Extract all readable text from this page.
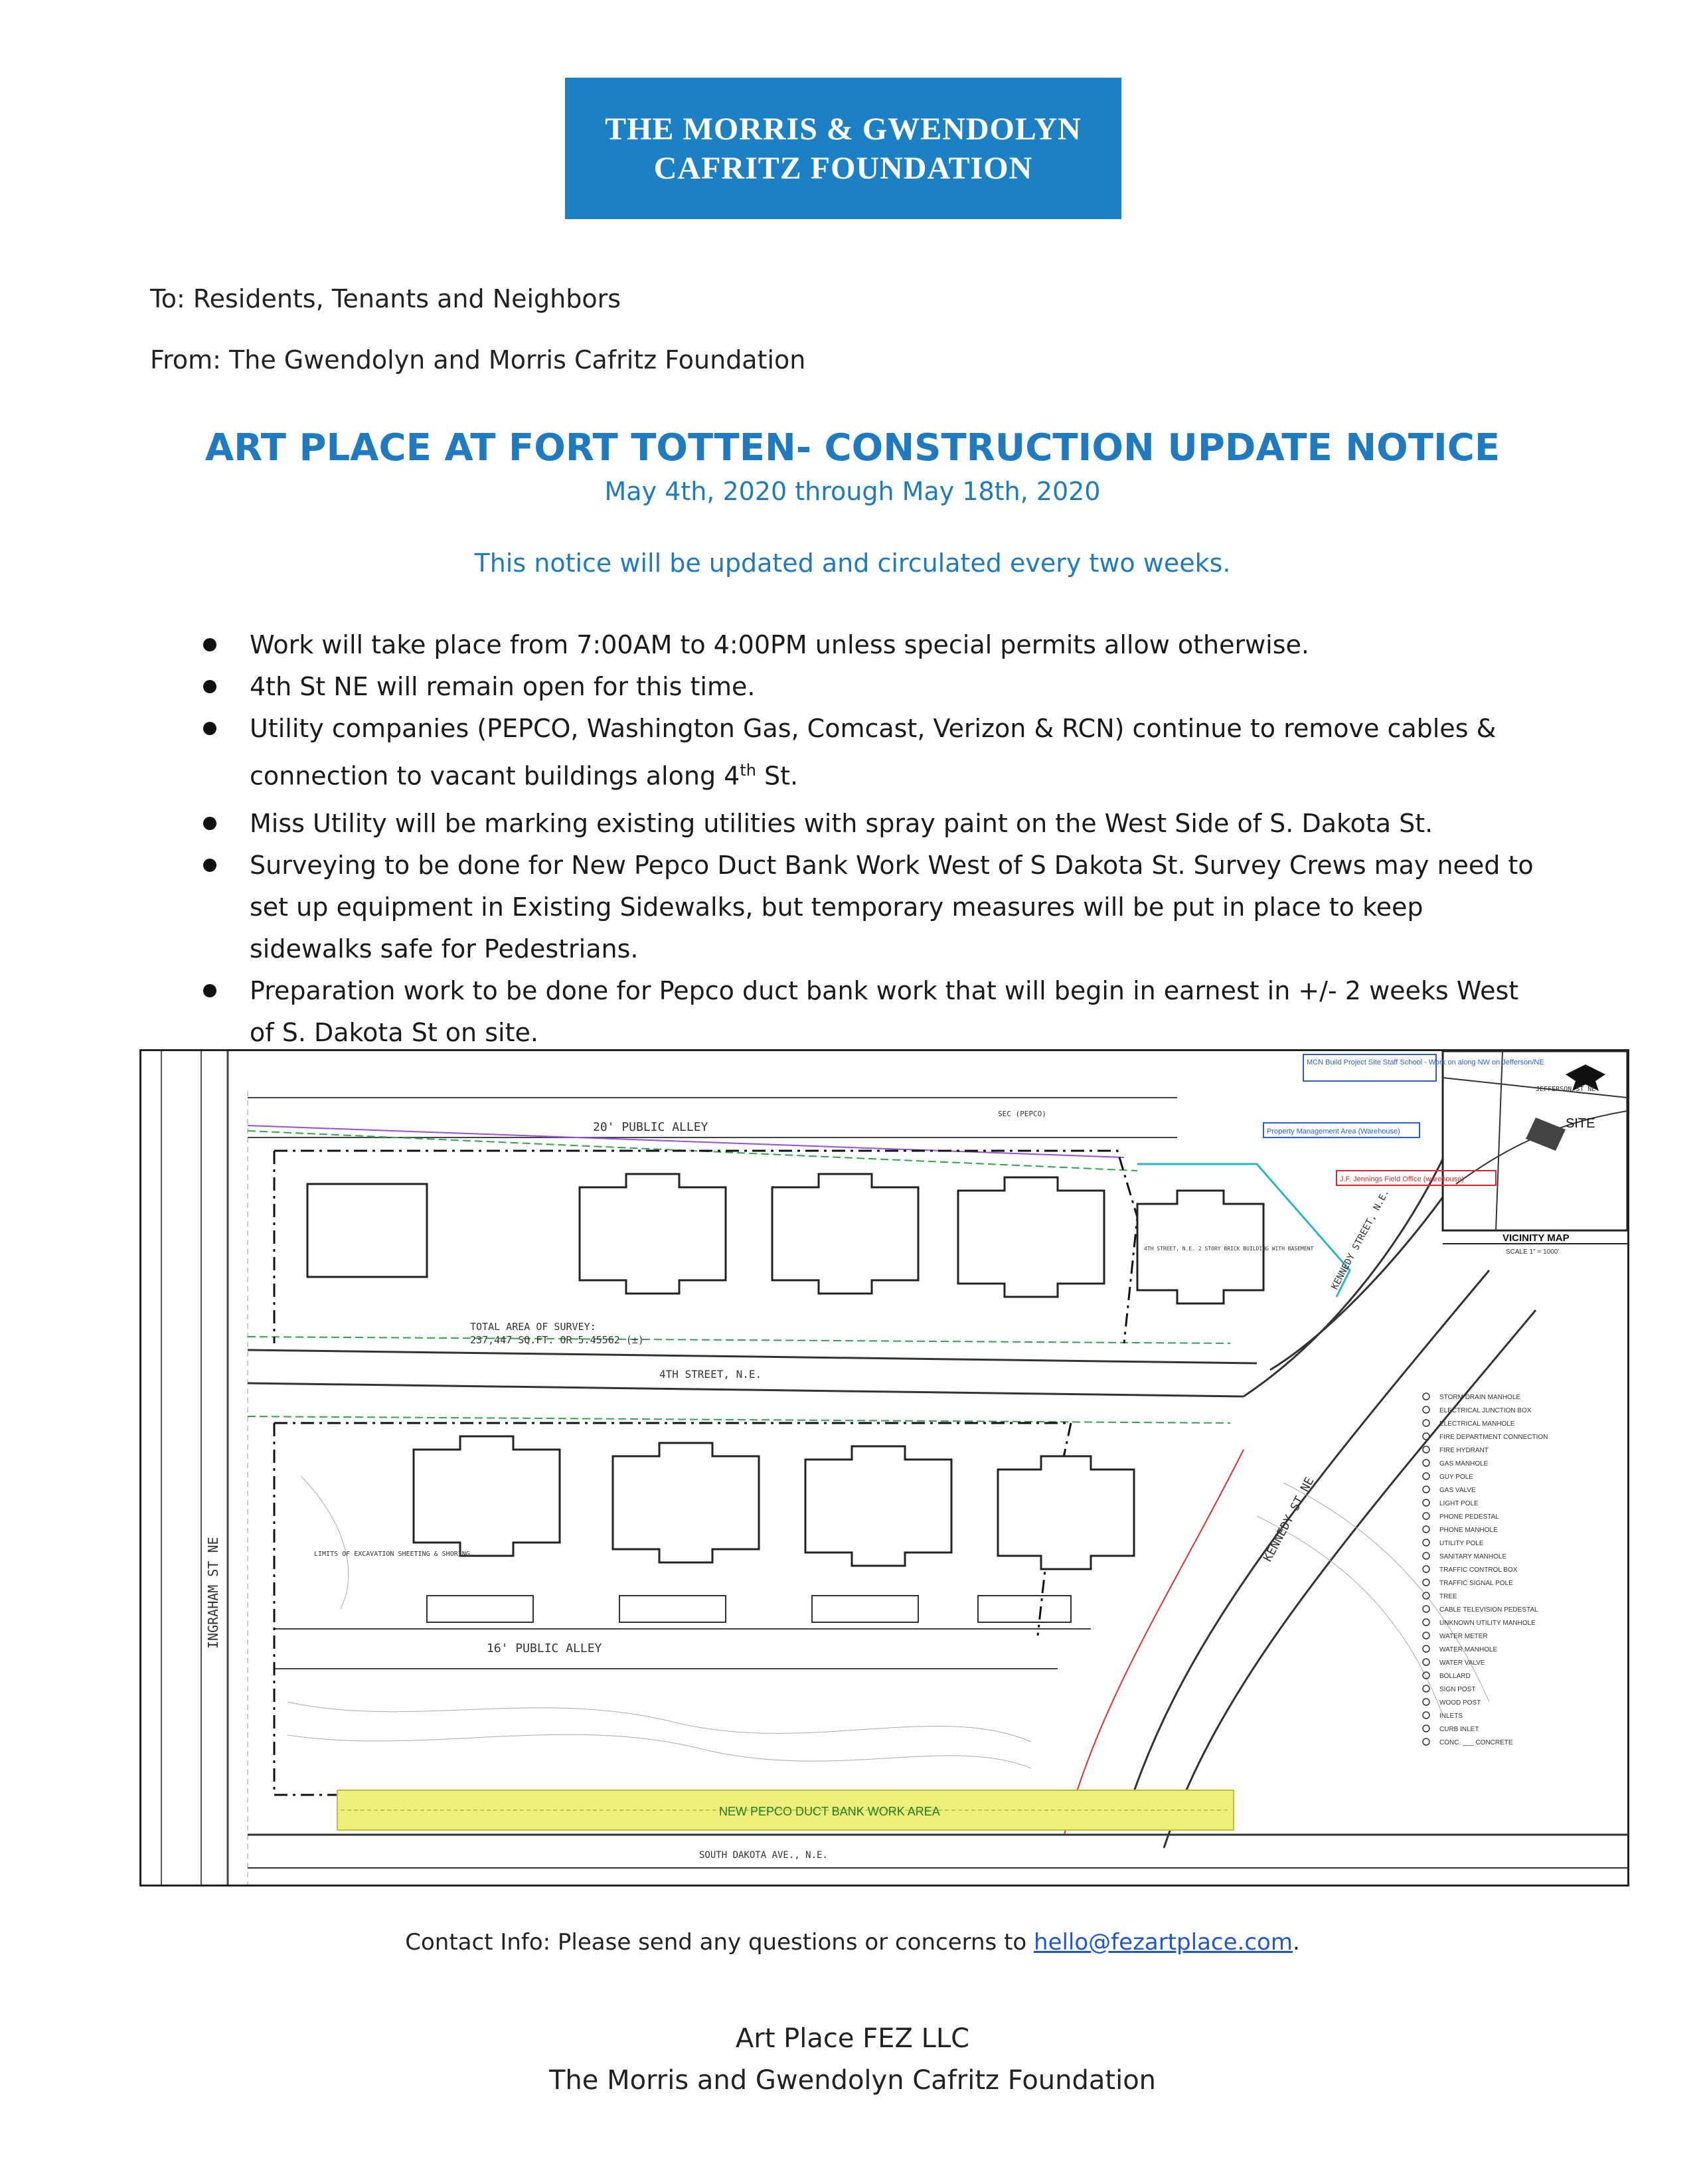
THE MORRIS & GWENDOLYN
CAFRITZ FOUNDATION
To: Residents, Tenants and Neighbors
From: The Gwendolyn and Morris Cafritz Foundation
ART PLACE AT FORT TOTTEN- CONSTRUCTION UPDATE NOTICE
May 4th, 2020 through May 18th, 2020
This notice will be updated and circulated every two weeks.
Work will take place from 7:00AM to 4:00PM unless special permits allow otherwise.
4th St NE will remain open for this time.
Utility companies (PEPCO, Washington Gas, Comcast, Verizon & RCN) continue to remove cables & connection to vacant buildings along 4th St.
Miss Utility will be marking existing utilities with spray paint on the West Side of S. Dakota St.
Surveying to be done for New Pepco Duct Bank Work West of S Dakota St. Survey Crews may need to set up equipment in Existing Sidewalks, but temporary measures will be put in place to keep sidewalks safe for Pedestrians.
Preparation work to be done for Pepco duct bank work that will begin in earnest in +/- 2 weeks West of S. Dakota St on site.
20' PUBLIC ALLEY
16' PUBLIC ALLEY
4TH STREET, N.E.
TOTAL AREA OF SURVEY:
237,447 SQ.FT. OR 5.45562 (±)
INGRAHAM ST NE
KENNEDY ST NE
KENNEDY STREET, N.E.
SOUTH DAKOTA AVE., N.E.
NEW PEPCO DUCT BANK WORK AREA
SEC (PEPCO)
LIMITS OF EXCAVATION SHEETING & SHORING
4TH STREET, N.E. 2 STORY BRICK BUILDING WITH BASEMENT
MCN Build Project Site Staff School - Work on along NW on Jefferson/NE
Property Management Area (Warehouse)
J.F. Jennings Field Office (warehouse)
JEFFERSON ST NE
SITE
VICINITY MAP
SCALE 1" = 1000'
STORM DRAIN MANHOLE
ELECTRICAL JUNCTION BOX
ELECTRICAL MANHOLE
FIRE DEPARTMENT CONNECTION
FIRE HYDRANT
GAS MANHOLE
GUY POLE
GAS VALVE
LIGHT POLE
PHONE PEDESTAL
PHONE MANHOLE
UTILITY POLE
SANITARY MANHOLE
TRAFFIC CONTROL BOX
TRAFFIC SIGNAL POLE
TREE
CABLE TELEVISION PEDESTAL
UNKNOWN UTILITY MANHOLE
WATER METER
WATER MANHOLE
WATER VALVE
BOLLARD
SIGN POST
WOOD POST
INLETS
CURB INLET
CONC. ___ CONCRETE
Contact Info: Please send any questions or concerns to hello@fezartplace.com.
Art Place FEZ LLC
The Morris and Gwendolyn Cafritz Foundation
